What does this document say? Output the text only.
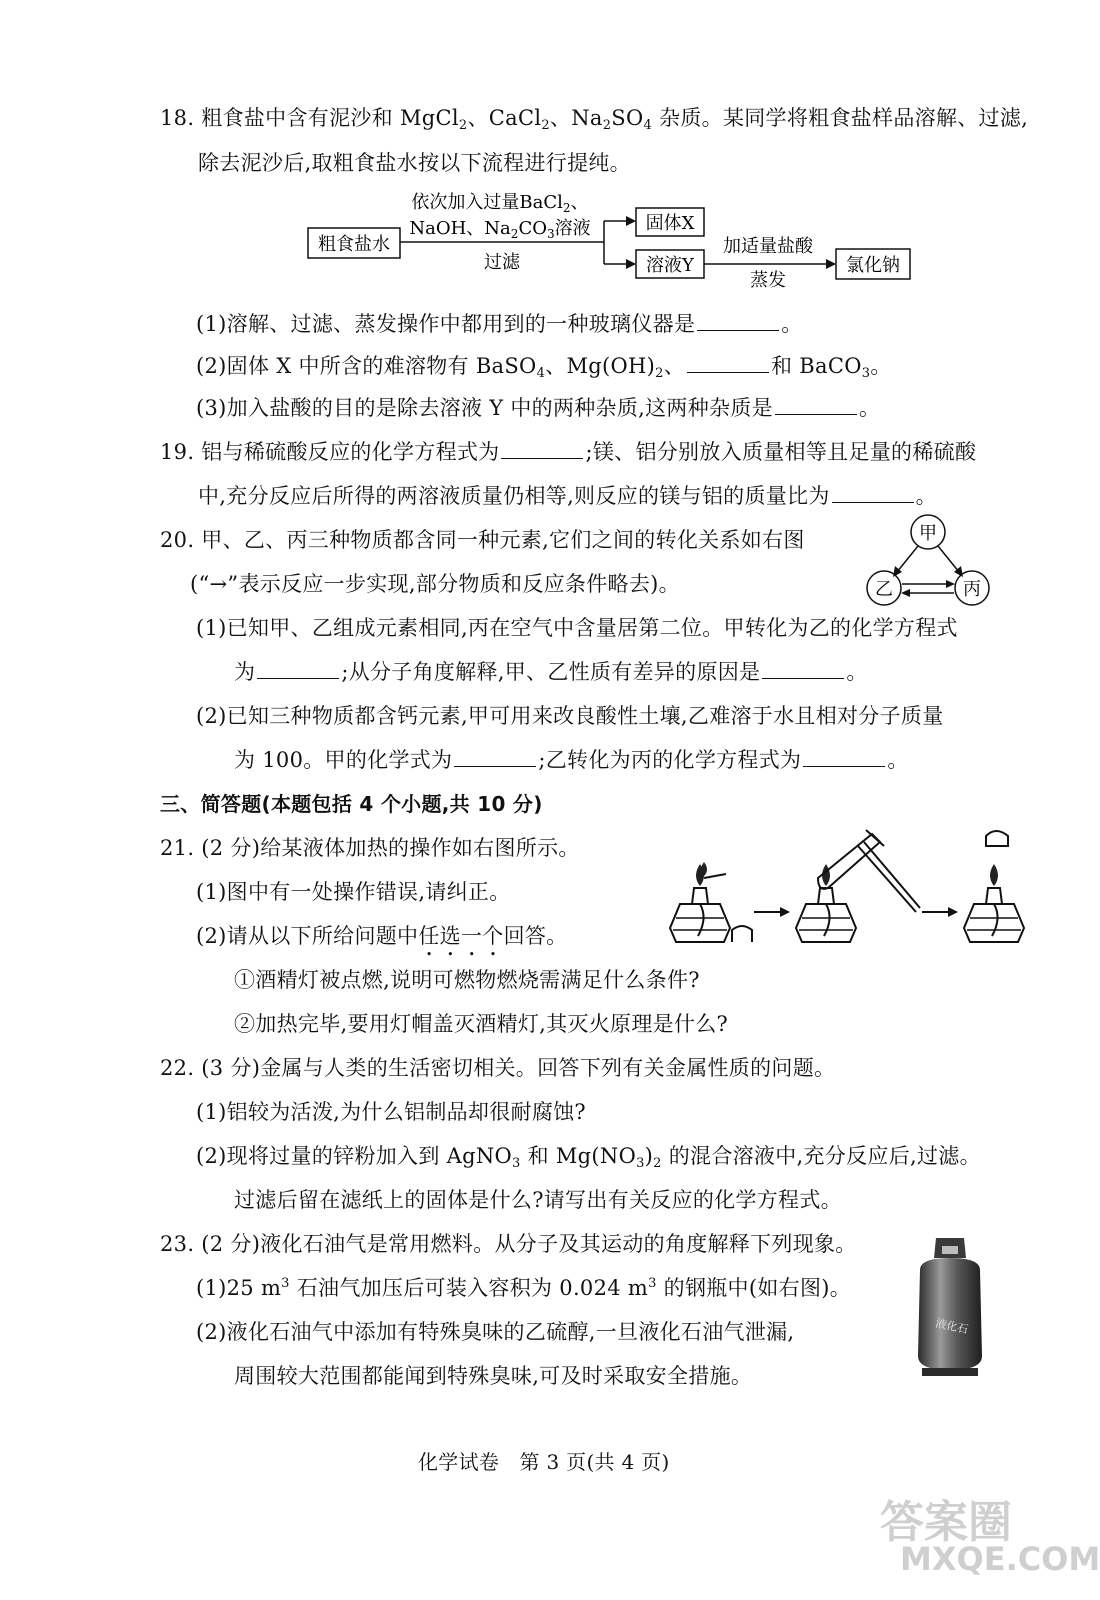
18. 粗食盐中含有泥沙和 MgCl$_2$、CaCl$_2$、$Na_2SO_4$ 杂质。某同学将粗食盐样品溶解、过滤,
除去泥沙后,取粗食盐水按以下流程进行提纯。
粗食盐水
依次加入过量BaCl$_2$、
NaOH、$Na_2CO_3$溶液
过滤
固体X
溶液Y
加适量盐酸
蒸发
氯化钠
(1)溶解、过滤、蒸发操作中都用到的一种玻璃仪器是	。
(2)固体 X 中所含的难溶物有 BaSO$_4$、$Mg(OH)_2$、	和 BaCO$_3$。
(3)加入盐酸的目的是除去溶液 Y 中的两种杂质,这两种杂质是	。
19. 铝与稀硫酸反应的化学方程式为	;镁、铝分别放入质量相等且足量的稀硫酸
中,充分反应后所得的两溶液质量仍相等,则反应的镁与铝的质量比为	。
20. 甲、乙、丙三种物质都含同一种元素,它们之间的转化关系如右图
(“→”表示反应一步实现,部分物质和反应条件略去)。
甲
乙	丙
(1)已知甲、乙组成元素相同,丙在空气中含量居第二位。甲转化为乙的化学方程式
为	;从分子角度解释,甲、乙性质有差异的原因是	。
(2)已知三种物质都含钙元素,甲可用来改良酸性土壤,乙难溶于水且相对分子质量
为 100。甲的化学式为	;乙转化为丙的化学方程式为	。
三、简答题(本题包括 4 个小题,共 10 分)
21. (2 分)给某液体加热的操作如右图所示。
(1)图中有一处操作错误,请纠正。
(2)请从以下所给问题中任选一个回答。
①酒精灯被点燃,说明可燃物燃烧需满足什么条件?
②加热完毕,要用灯帽盖灭酒精灯,其灭火原理是什么?
22. (3 分)金属与人类的生活密切相关。回答下列有关金属性质的问题。
(1)铝较为活泼,为什么铝制品却很耐腐蚀?
(2)现将过量的锌粉加入到 AgNO$_3$ 和 $Mg(NO_3)_2$ 的混合溶液中,充分反应后,过滤。
过滤后留在滤纸上的固体是什么?请写出有关反应的化学方程式。
23. (2 分)液化石油气是常用燃料。从分子及其运动的角度解释下列现象。
(1)25 $m^3$ 石油气加压后可装入容积为 0.024 $m^3$ 的钢瓶中(如右图)。
(2)液化石油气中添加有特殊臭味的乙硫醇,一旦液化石油气泄漏,
周围较大范围都能闻到特殊臭味,可及时采取安全措施。
液化石
化学试卷　第 3 页(共 4 页)
答案圈
MXQE.COM
